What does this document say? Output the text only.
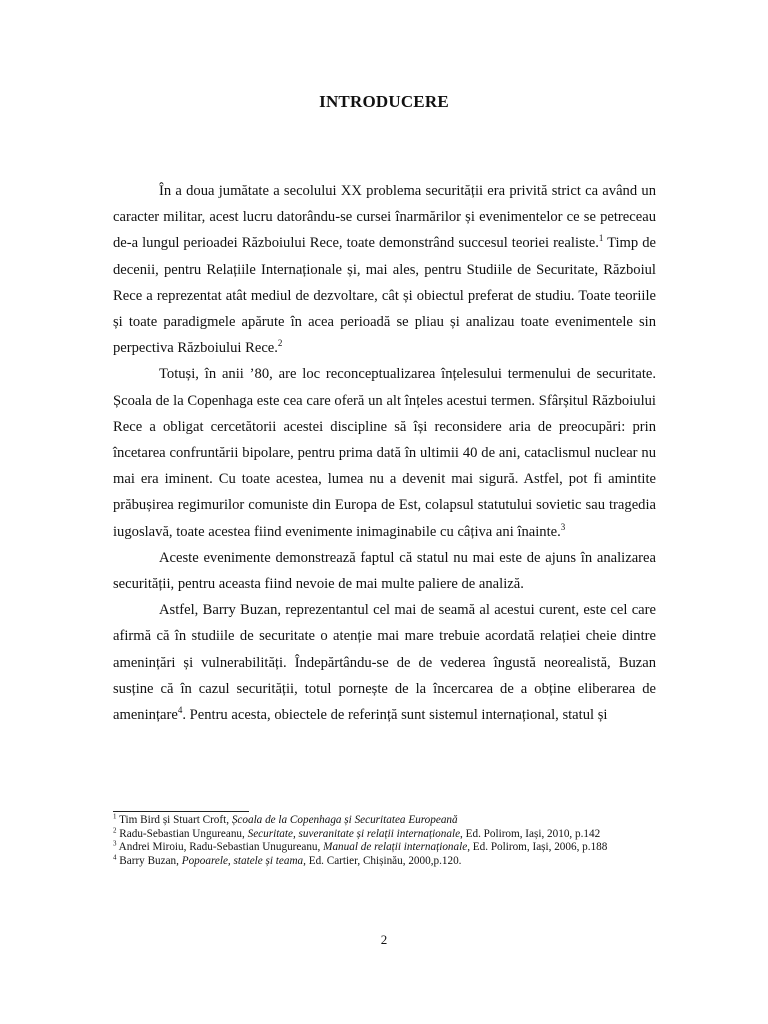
INTRODUCERE

În a doua jumătate a secolului XX problema securității era privită strict ca având un caracter militar, acest lucru datorându-se cursei înarmărilor și evenimentelor ce se petreceau de-a lungul perioadei Războiului Rece, toate demonstrând succesul teoriei realiste.$^1$ Timp de decenii, pentru Relațiile Internaționale și, mai ales, pentru Studiile de Securitate, Războiul Rece a reprezentat atât mediul de dezvoltare, cât și obiectul preferat de studiu. Toate teoriile și toate paradigmele apărute în acea perioadă se pliau și analizau toate evenimentele sin perpectiva Războiului Rece.$^2$

Totuși, în anii ’80, are loc reconceptualizarea înțelesului termenului de securitate. Școala de la Copenhaga este cea care oferă un alt înțeles acestui termen. Sfârșitul Războiului Rece a obligat cercetătorii acestei discipline să își reconsidere aria de preocupări: prin încetarea confruntării bipolare, pentru prima dată în ultimii 40 de ani, cataclismul nuclear nu mai era iminent. Cu toate acestea, lumea nu a devenit mai sigură. Astfel, pot fi amintite prăbușirea regimurilor comuniste din Europa de Est, colapsul statutului sovietic sau tragedia iugoslavă, toate acestea fiind evenimente inimaginabile cu câțiva ani înainte.$^3$

Aceste evenimente demonstrează faptul că statul nu mai este de ajuns în analizarea securității, pentru aceasta fiind nevoie de mai multe paliere de analiză.

Astfel, Barry Buzan, reprezentantul cel mai de seamă al acestui curent, este cel care afirmă că în studiile de securitate o atenție mai mare trebuie acordată relației cheie dintre amenințări și vulnerabilități. Îndepărtându-se de de vederea îngustă neorealistă, Buzan susține că în cazul securității, totul pornește de la încercarea de a obține eliberarea de amenințare$^4$. Pentru acesta, obiectele de referință sunt sistemul internațional, statul și

$^1$ Tim Bird și Stuart Croft, Școala de la Copenhaga și Securitatea Europeană
$^2$ Radu-Sebastian Ungureanu, Securitate, suveranitate și relații internaționale, Ed. Polirom, Iași, 2010, p.142
$^3$ Andrei Miroiu, Radu-Sebastian Unugureanu, Manual de relații internaționale, Ed. Polirom, Iași, 2006, p.188
$^4$ Barry Buzan, Popoarele, statele și teama, Ed. Cartier, Chișinău, 2000,p.120.
2
